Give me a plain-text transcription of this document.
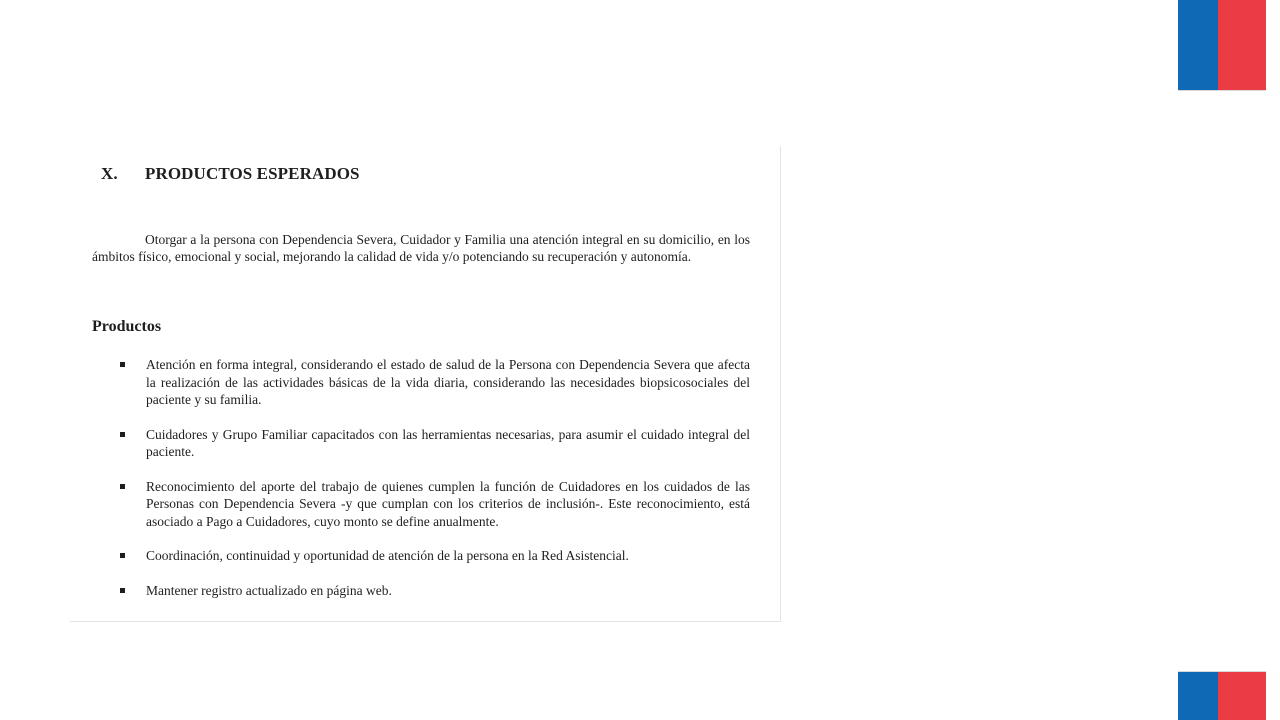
X. PRODUCTOS ESPERADOS

Otorgar a la persona con Dependencia Severa, Cuidador y Familia una atención integral en su domicilio, en los ámbitos físico, emocional y social, mejorando la calidad de vida y/o potenciando su recuperación y autonomía.

Productos
Atención en forma integral, considerando el estado de salud de la Persona con Dependencia Severa que afecta la realización de las actividades básicas de la vida diaria, considerando las necesidades biopsicosociales del paciente y su familia.
Cuidadores y Grupo Familiar capacitados con las herramientas necesarias, para asumir el cuidado integral del paciente.
Reconocimiento del aporte del trabajo de quienes cumplen la función de Cuidadores en los cuidados de las Personas con Dependencia Severa -y que cumplan con los criterios de inclusión-. Este reconocimiento, está asociado a Pago a Cuidadores, cuyo monto se define anualmente.
Coordinación, continuidad y oportunidad de atención de la persona en la Red Asistencial.
Mantener registro actualizado en página web.
